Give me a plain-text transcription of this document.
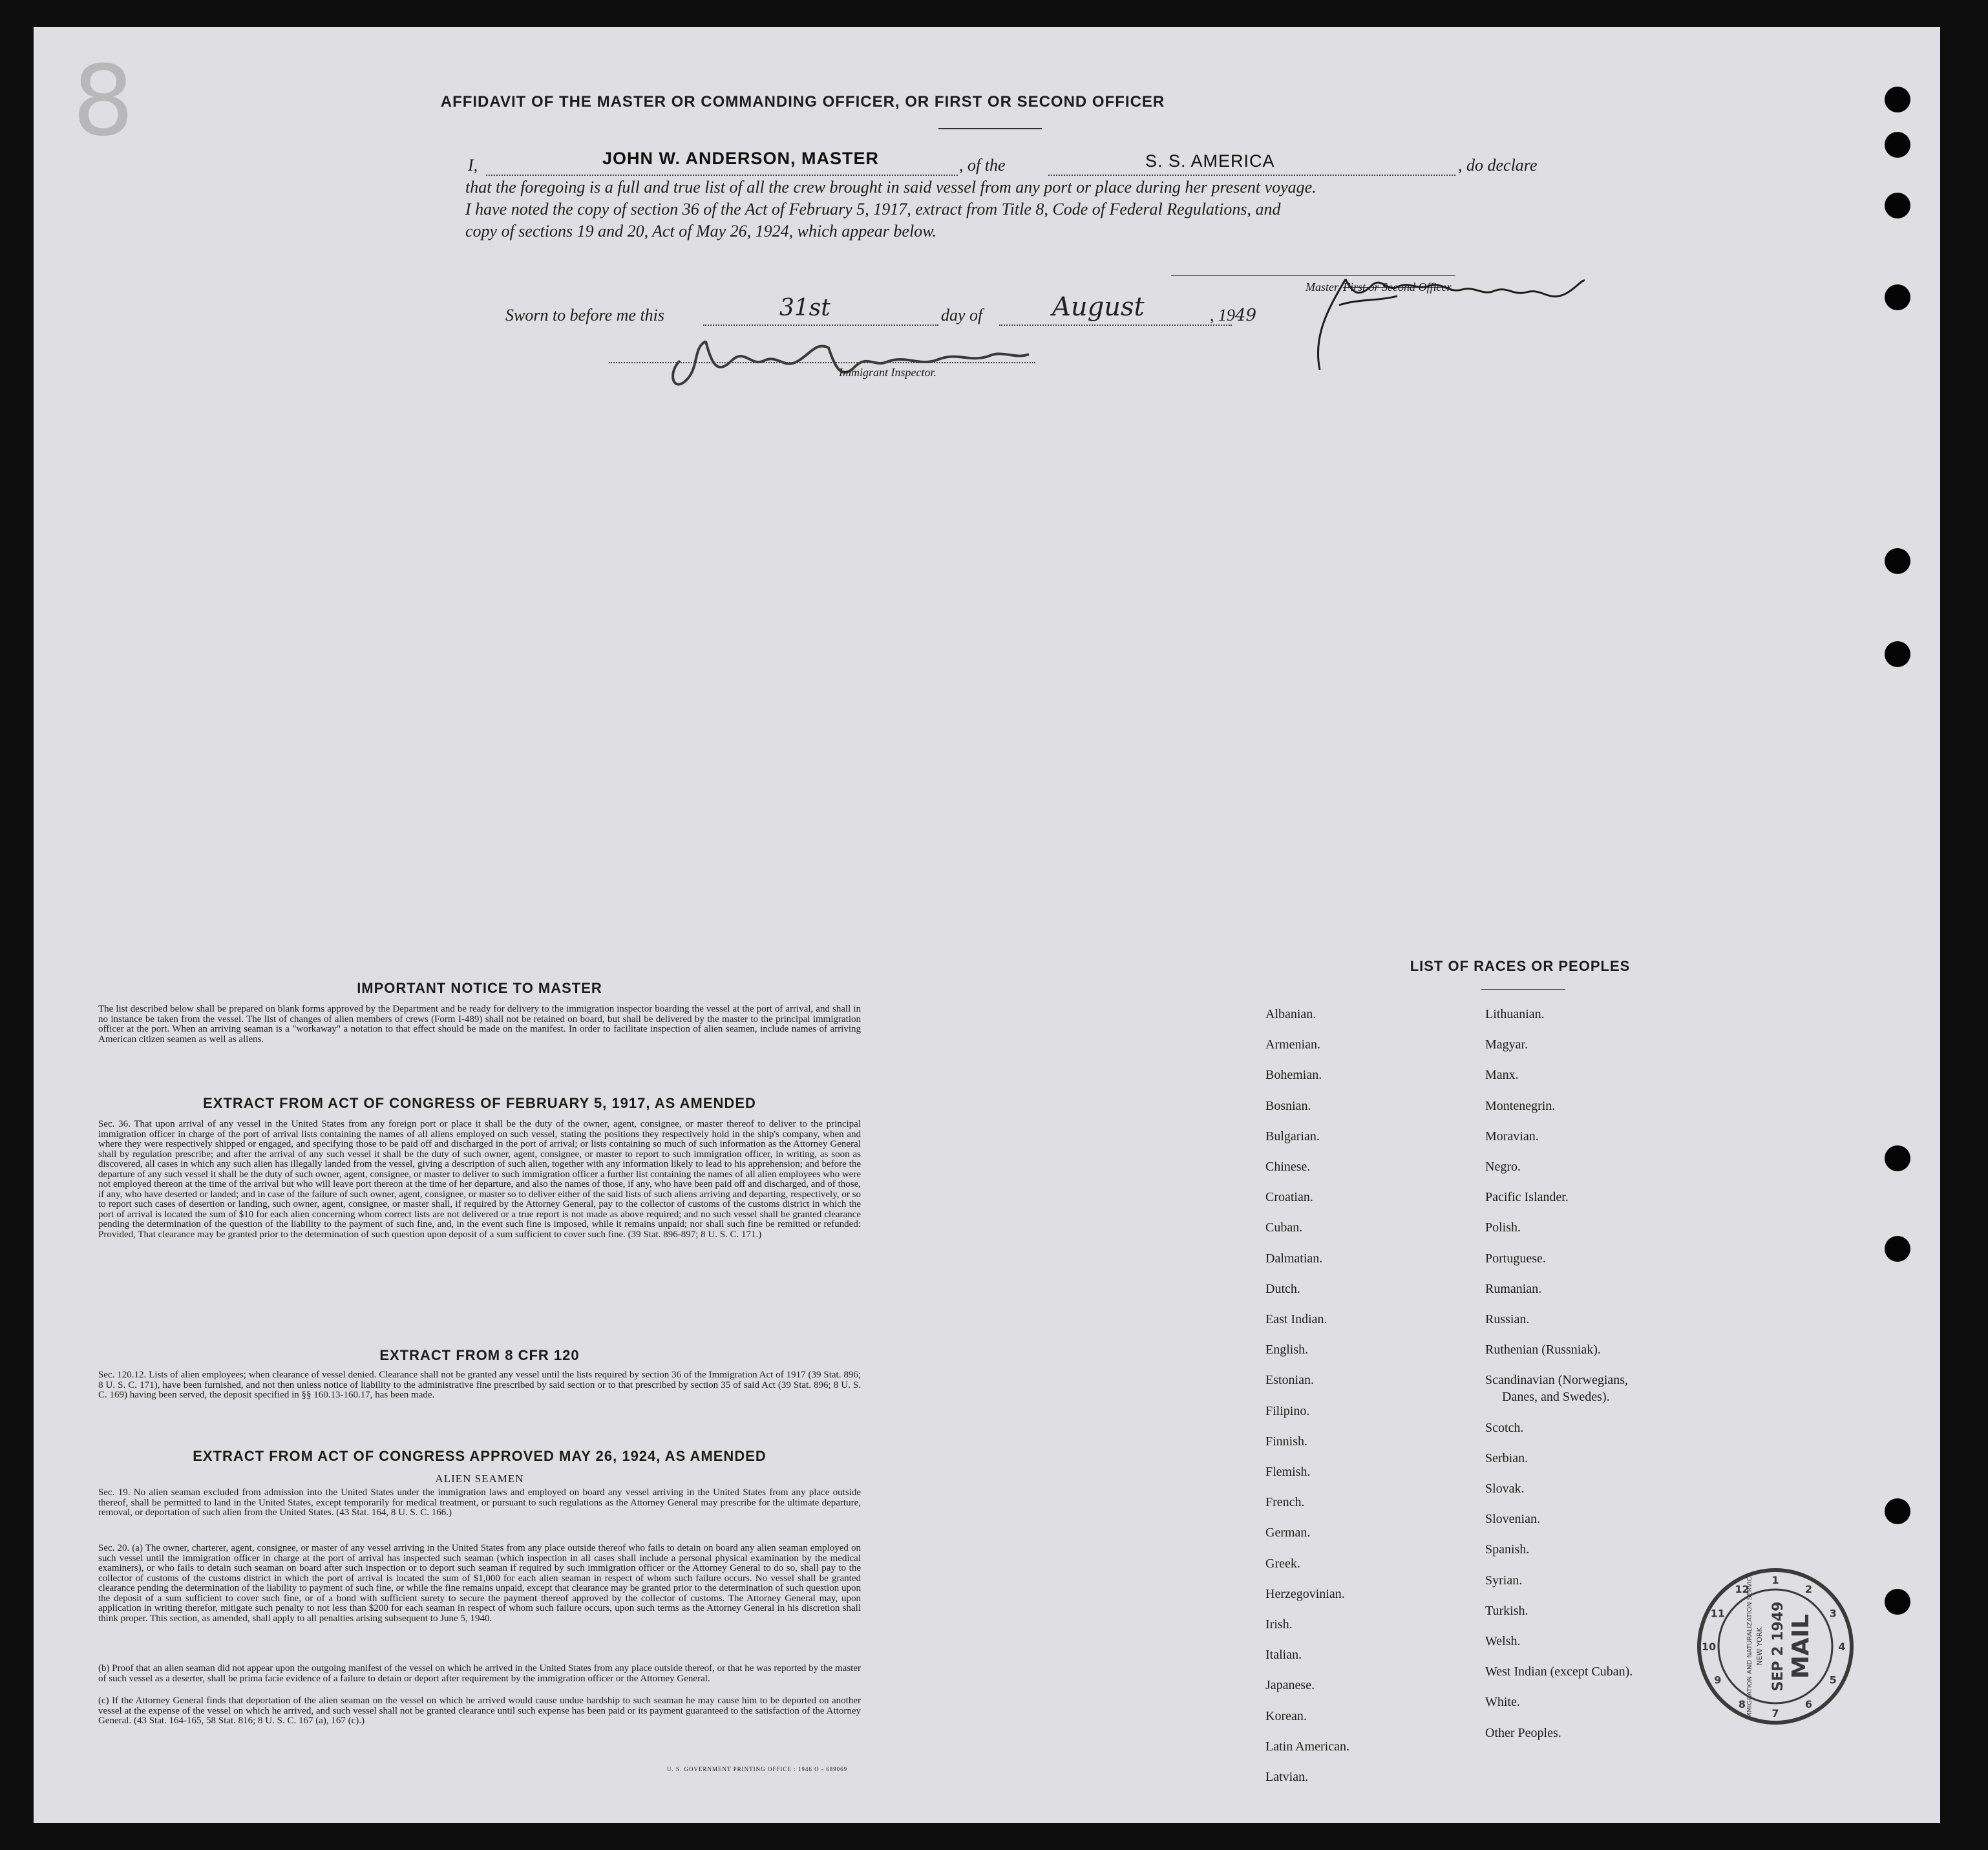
8	AFFIDAVIT OF THE MASTER OR COMMANDING OFFICER, OR FIRST OR SECOND OFFICER
I,	JOHN W. ANDERSON, MASTER	, of the	S. S. AMERICA	, do declare
that the foregoing is a full and true list of all the crew brought in said vessel from any port or place during her present voyage.
I have noted the copy of section 36 of the Act of February 5, 1917, extract from Title 8, Code of Federal Regulations, and
copy of sections 19 and 20, Act of May 26, 1924, which appear below.
Master, First or Second Officer.
Sworn to before me this	31st	day of	August	, 1949
Immigrant Inspector.
IMPORTANT NOTICE TO MASTER
The list described below shall be prepared on blank forms approved by the Department and be ready for delivery to the immigration inspector boarding the vessel at the port of arrival, and shall in no instance be taken from the vessel. The list of changes of alien members of crews (Form I-489) shall not be retained on board, but shall be delivered by the master to the principal immigration officer at the port. When an arriving seaman is a "workaway" a notation to that effect should be made on the manifest. In order to facilitate inspection of alien seamen, include names of arriving American citizen seamen as well as aliens.
EXTRACT FROM ACT OF CONGRESS OF FEBRUARY 5, 1917, AS AMENDED
Sec. 36. That upon arrival of any vessel in the United States from any foreign port or place it shall be the duty of the owner, agent, consignee, or master thereof to deliver to the principal immigration officer in charge of the port of arrival lists containing the names of all aliens employed on such vessel, stating the positions they respectively hold in the ship's company, when and where they were respectively shipped or engaged, and specifying those to be paid off and discharged in the port of arrival; or lists containing so much of such information as the Attorney General shall by regulation prescribe; and after the arrival of any such vessel it shall be the duty of such owner, agent, consignee, or master to report to such immigration officer, in writing, as soon as discovered, all cases in which any such alien has illegally landed from the vessel, giving a description of such alien, together with any information likely to lead to his apprehension; and before the departure of any such vessel it shall be the duty of such owner, agent, consignee, or master to deliver to such immigration officer a further list containing the names of all alien employees who were not employed thereon at the time of the arrival but who will leave port thereon at the time of her departure, and also the names of those, if any, who have been paid off and discharged, and of those, if any, who have deserted or landed; and in case of the failure of such owner, agent, consignee, or master so to deliver either of the said lists of such aliens arriving and departing, respectively, or so to report such cases of desertion or landing, such owner, agent, consignee, or master shall, if required by the Attorney General, pay to the collector of customs of the customs district in which the port of arrival is located the sum of $10 for each alien concerning whom correct lists are not delivered or a true report is not made as above required; and no such vessel shall be granted clearance pending the determination of the question of the liability to the payment of such fine, and, in the event such fine is imposed, while it remains unpaid; nor shall such fine be remitted or refunded: Provided, That clearance may be granted prior to the determination of such question upon deposit of a sum sufficient to cover such fine. (39 Stat. 896-897; 8 U. S. C. 171.)
EXTRACT FROM 8 CFR 120
Sec. 120.12. Lists of alien employees; when clearance of vessel denied. Clearance shall not be granted any vessel until the lists required by section 36 of the Immigration Act of 1917 (39 Stat. 896; 8 U. S. C. 171), have been furnished, and not then unless notice of liability to the administrative fine prescribed by said section or to that prescribed by section 35 of said Act (39 Stat. 896; 8 U. S. C. 169) having been served, the deposit specified in §§ 160.13-160.17, has been made.
EXTRACT FROM ACT OF CONGRESS APPROVED MAY 26, 1924, AS AMENDED
ALIEN SEAMEN
Sec. 19. No alien seaman excluded from admission into the United States under the immigration laws and employed on board any vessel arriving in the United States from any place outside thereof, shall be permitted to land in the United States, except temporarily for medical treatment, or pursuant to such regulations as the Attorney General may prescribe for the ultimate departure, removal, or deportation of such alien from the United States. (43 Stat. 164, 8 U. S. C. 166.)
Sec. 20. (a) The owner, charterer, agent, consignee, or master of any vessel arriving in the United States from any place outside thereof who fails to detain on board any alien seaman employed on such vessel until the immigration officer in charge at the port of arrival has inspected such seaman (which inspection in all cases shall include a personal physical examination by the medical examiners), or who fails to detain such seaman on board after such inspection or to deport such seaman if required by such immigration officer or the Attorney General to do so, shall pay to the collector of customs of the customs district in which the port of arrival is located the sum of $1,000 for each alien seaman in respect of whom such failure occurs. No vessel shall be granted clearance pending the determination of the liability to payment of such fine, or while the fine remains unpaid, except that clearance may be granted prior to the determination of such question upon the deposit of a sum sufficient to cover such fine, or of a bond with sufficient surety to secure the payment thereof approved by the collector of customs. The Attorney General may, upon application in writing therefor, mitigate such penalty to not less than $200 for each seaman in respect of whom such failure occurs, upon such terms as the Attorney General in his discretion shall think proper. This section, as amended, shall apply to all penalties arising subsequent to June 5, 1940.
(b) Proof that an alien seaman did not appear upon the outgoing manifest of the vessel on which he arrived in the United States from any place outside thereof, or that he was reported by the master of such vessel as a deserter, shall be prima facie evidence of a failure to detain or deport after requirement by the immigration officer or the Attorney General.
(c) If the Attorney General finds that deportation of the alien seaman on the vessel on which he arrived would cause undue hardship to such seaman he may cause him to be deported on another vessel at the expense of the vessel on which he arrived, and such vessel shall not be granted clearance until such expense has been paid or its payment guaranteed to the satisfaction of the Attorney General. (43 Stat. 164-165, 58 Stat. 816; 8 U. S. C. 167 (a), 167 (c).)
U. S. GOVERNMENT PRINTING OFFICE : 1946 O - 689069
LIST OF RACES OR PEOPLES
1
2
3
4
5
6
7
8
9
10
11
12
IMMIGRATION AND NATURALIZATION SERVICE NEW YORK SEP 2 1949 MAIL
Albanian.
Armenian.
Bohemian.
Bosnian.
Bulgarian.
Chinese.
Croatian.
Cuban.
Dalmatian.
Dutch.
East Indian.
English.
Estonian.
Filipino.
Finnish.
Flemish.
French.
German.
Greek.
Herzegovinian.
Irish.
Italian.
Japanese.
Korean.
Latin American.
Latvian.
Lithuanian.
Magyar.
Manx.
Montenegrin.
Moravian.
Negro.
Pacific Islander.
Polish.
Portuguese.
Rumanian.
Russian.
Ruthenian (Russniak).
Scandinavian (Norwegians,
Danes, and Swedes).
Scotch.
Serbian.
Slovak.
Slovenian.
Spanish.
Syrian.
Turkish.
Welsh.
West Indian (except Cuban).
White.
Other Peoples.
